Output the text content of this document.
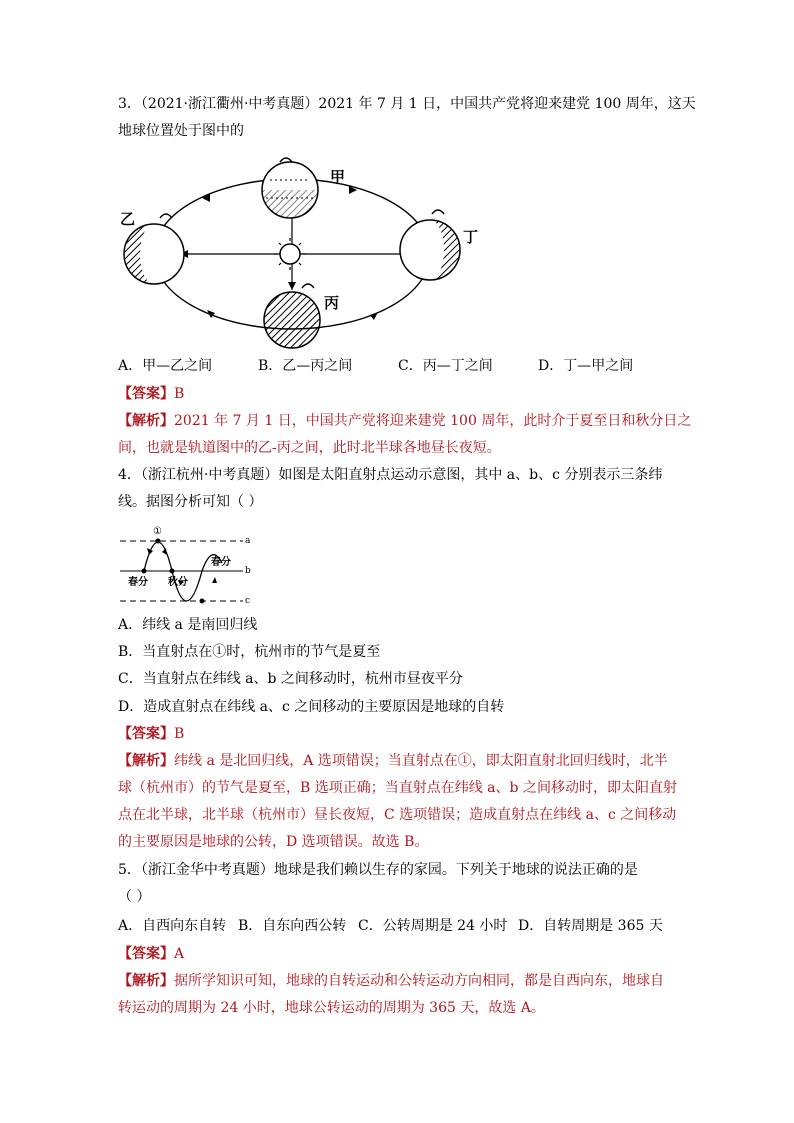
3．（2021·浙江衢州·中考真题）2021 年 7 月 1 日，中国共产党将迎来建党 100 周年，这天
地球位置处于图中的
甲
乙
丙
丁
A．甲—乙之间	B．乙—丙之间	C．丙—丁之间	D．丁—甲之间
【答案】B
【解析】2021 年 7 月 1 日，中国共产党将迎来建党 100 周年，此时介于夏至日和秋分日之
间，也就是轨道图中的乙-丙之间，此时北半球各地昼长夜短。
4．（浙江杭州·中考真题）如图是太阳直射点运动示意图，其中 a、b、c 分别表示三条纬
线。据图分析可知（ ）
①
a
b
c
春分 秋分
春分
A．纬线 a 是南回归线
B．当直射点在①时，杭州市的节气是夏至
C．当直射点在纬线 a、b 之间移动时，杭州市昼夜平分
D．造成直射点在纬线 a、c 之间移动的主要原因是地球的自转
【答案】B
【解析】纬线 a 是北回归线，A 选项错误；当直射点在①，即太阳直射北回归线时，北半
球（杭州市）的节气是夏至，B 选项正确；当直射点在纬线 a、b 之间移动时，即太阳直射
点在北半球，北半球（杭州市）昼长夜短，C 选项错误；造成直射点在纬线 a、c 之间移动
的主要原因是地球的公转，D 选项错误。故选 B。
5．（浙江金华中考真题）地球是我们赖以生存的家园。下列关于地球的说法正确的是
（ ）
A．自西向东自转 B．自东向西公转 C．公转周期是 24 小时 D．自转周期是 365 天
【答案】A
【解析】据所学知识可知，地球的自转运动和公转运动方向相同，都是自西向东，地球自
转运动的周期为 24 小时，地球公转运动的周期为 365 天，故选 A。
